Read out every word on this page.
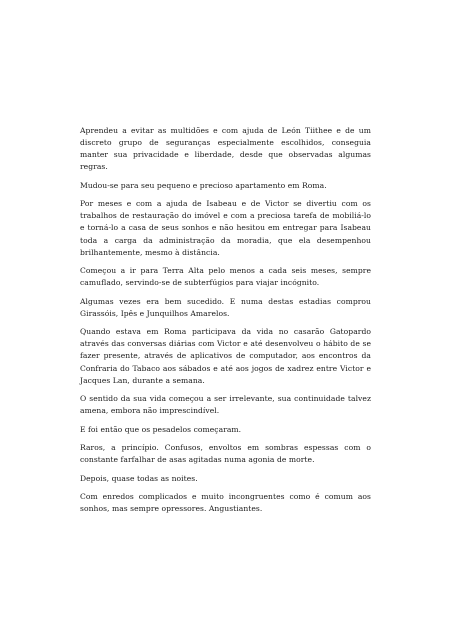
Aprendeu a evitar as multidões e com ajuda de León Tiithee e de um discreto grupo de seguranças especialmente escolhidos, conseguia manter sua privacidade e liberdade, desde que observadas algumas regras.

Mudou-se para seu pequeno e precioso apartamento em Roma.

Por meses e com a ajuda de Isabeau e de Victor se divertiu com os trabalhos de restauração do imóvel e com a preciosa tarefa de mobiliá-lo e torná-lo a casa de seus sonhos e não hesitou em entregar para Isabeau toda a carga da administração da moradia, que ela desempenhou brilhantemente, mesmo à distância.

Começou a ir para Terra Alta pelo menos a cada seis meses, sempre camuflado, servindo-se de subterfúgios para viajar incógnito.

Algumas vezes era bem sucedido. E numa destas estadias comprou Girassóis, Ipês e Junquilhos Amarelos.

Quando estava em Roma participava da vida no casarão Gatopardo através das conversas diárias com Victor e até desenvolveu o hábito de se fazer presente, através de aplicativos de computador, aos encontros da Confraria do Tabaco aos sábados e até aos jogos de xadrez entre Victor e Jacques Lan, durante a semana.

O sentido da sua vida começou a ser irrelevante, sua continuidade talvez amena, embora não imprescindível.

E foi então que os pesadelos começaram.

Raros, a princípio. Confusos, envoltos em sombras espessas com o constante farfalhar de asas agitadas numa agonia de morte.

Depois, quase todas as noites.

Com enredos complicados e muito incongruentes como é comum aos sonhos, mas sempre opressores. Angustiantes.
